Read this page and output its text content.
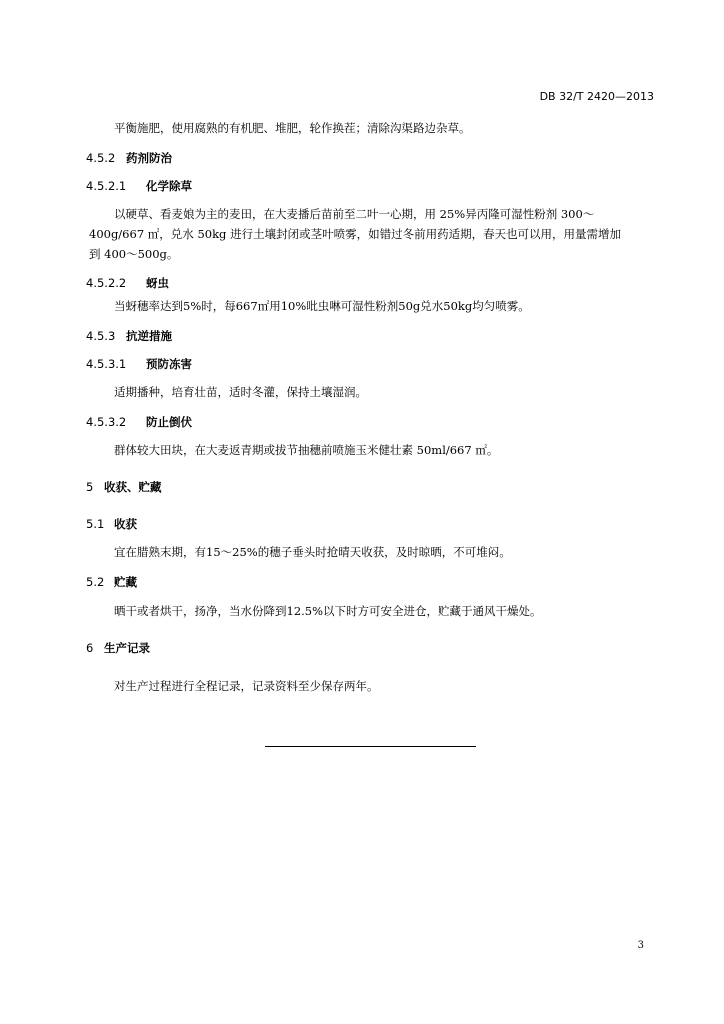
DB 32/T 2420—2013
平衡施肥，使用腐熟的有机肥、堆肥，轮作换茬；清除沟渠路边杂草。
4.5.2 药剂防治
4.5.2.1 化学除草
以硬草、看麦娘为主的麦田，在大麦播后苗前至二叶一心期，用 25%异丙隆可湿性粉剂 300～
400g/667 ㎡，兑水 50kg 进行土壤封闭或茎叶喷雾，如错过冬前用药适期，春天也可以用，用量需增加
到 400～500g。
4.5.2.2 蚜虫
当蚜穗率达到5%时，每667㎡用10%吡虫啉可湿性粉剂50g兑水50kg均匀喷雾。
4.5.3 抗逆措施
4.5.3.1 预防冻害
适期播种，培育壮苗，适时冬灌，保持土壤湿润。
4.5.3.2 防止倒伏
群体较大田块，在大麦返青期或拔节抽穗前喷施玉米健壮素 50ml/667 ㎡。
5 收获、贮藏
5.1 收获
宜在腊熟末期，有15～25%的穗子垂头时抢晴天收获，及时晾晒，不可堆闷。
5.2 贮藏
晒干或者烘干，扬净，当水份降到12.5%以下时方可安全进仓，贮藏于通风干燥处。
6 生产记录
对生产过程进行全程记录，记录资料至少保存两年。
3
